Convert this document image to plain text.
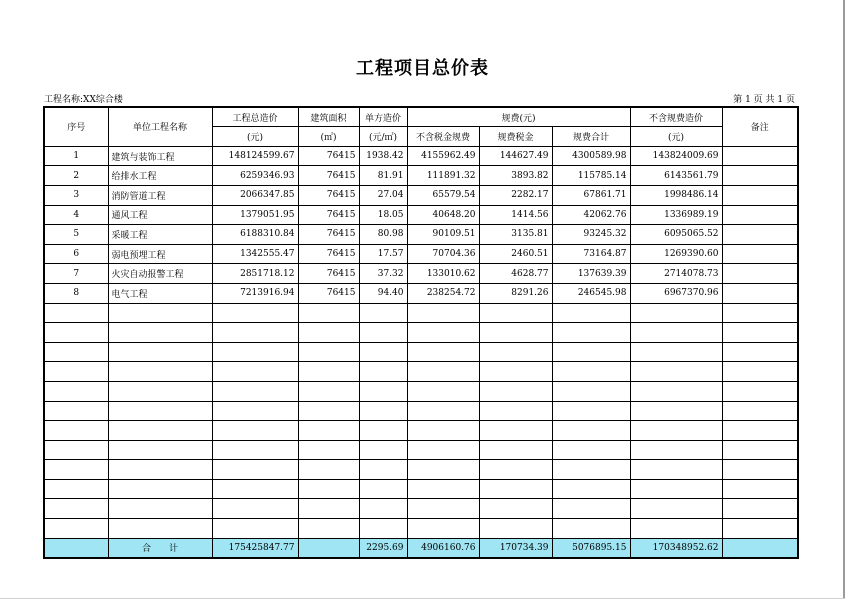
工程项目总价表
工程名称:XX综合楼	第 1 页 共 1 页
序号	单位工程名称	工程总造价	建筑面积	单方造价	规费(元)			不含规费造价	备注
		(元)	(㎡)	(元/㎡)	不含税金规费	规费税金	规费合计	(元)	
1	建筑与装饰工程	148124599.67	76415	1938.42	4155962.49	144627.49	4300589.98	143824009.69	
2	给排水工程	6259346.93	76415	81.91	111891.32	3893.82	115785.14	6143561.79	
3	消防管道工程	2066347.85	76415	27.04	65579.54	2282.17	67861.71	1998486.14	
4	通风工程	1379051.95	76415	18.05	40648.20	1414.56	42062.76	1336989.19	
5	采暖工程	6188310.84	76415	80.98	90109.51	3135.81	93245.32	6095065.52	
6	弱电预埋工程	1342555.47	76415	17.57	70704.36	2460.51	73164.87	1269390.60	
7	火灾自动报警工程	2851718.12	76415	37.32	133010.62	4628.77	137639.39	2714078.73	
8	电气工程	7213916.94	76415	94.40	238254.72	8291.26	246545.98	6967370.96	

	合　　计	175425847.77		2295.69	4906160.76	170734.39	5076895.15	170348952.62	
